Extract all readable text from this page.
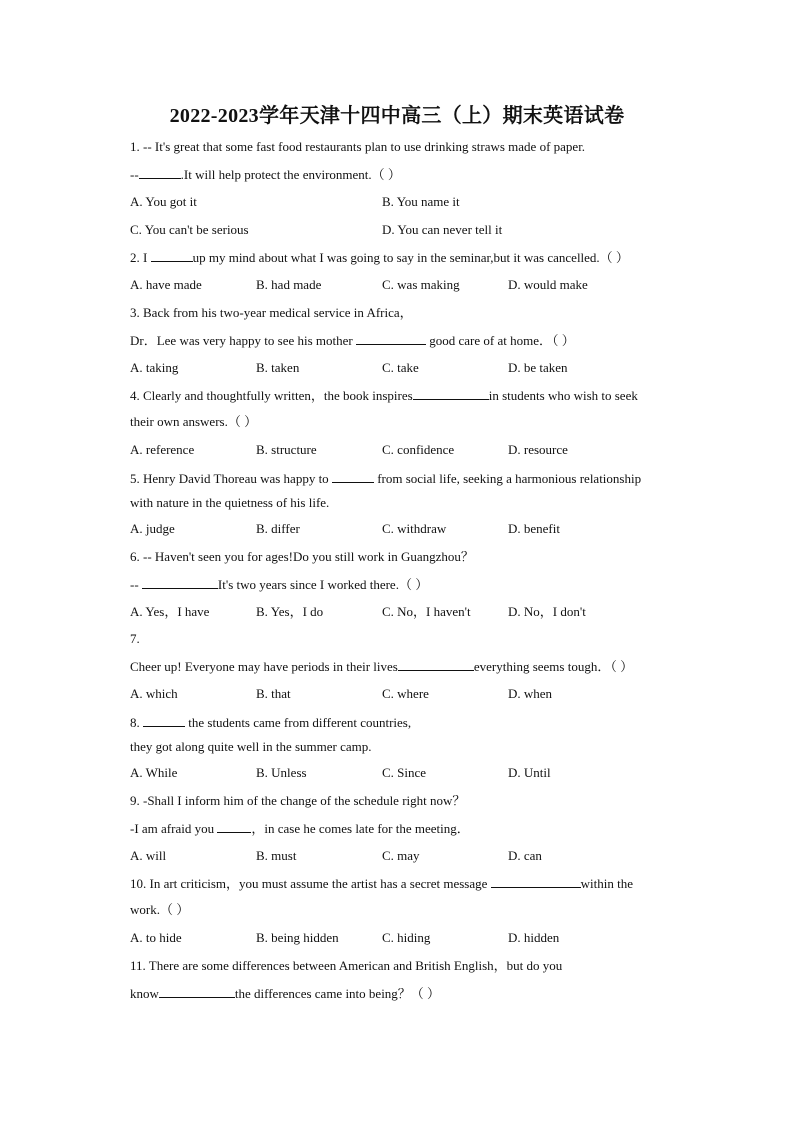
2022-2023学年天津十四中高三（上）期末英语试卷
1. -- It's great that some fast food restaurants plan to use drinking straws made of paper.
--	.It will help protect the environment.（ ）
A. You got it	B. You name it
C. You can't be serious	D. You can never tell it
2. I	up my mind about what I was going to say in the seminar,but it was cancelled.（ ）
A. have made	B. had made	C. was making	D. would make
3. Back from his two-year medical service in Africa，
Dr．Lee was very happy to see his mother	good care of at home．（ ）
A. taking	B. taken	C. take	D. be taken
4. Clearly and thoughtfully written，the book inspires	in students who wish to seek
their own answers.（ ）
A. reference	B. structure	C. confidence	D. resource
5. Henry David Thoreau was happy to	from social life, seeking a harmonious relationship
with nature in the quietness of his life.
A. judge	B. differ	C. withdraw	D. benefit
6. -- Haven't seen you for ages!Do you still work in Guangzhou？
--	It's two years since I worked there.（ ）
A. Yes，I have	B. Yes，I do	C. No，I haven't	D. No，I don't
7.
Cheer up! Everyone may have periods in their lives	everything seems tough．（ ）
A. which	B. that	C. where	D. when
8.	the students came from different countries,
they got along quite well in the summer camp.
A. While	B. Unless	C. Since	D. Until
9. -Shall I inform him of the change of the schedule right now？
-I am afraid you	，in case he comes late for the meeting．
A. will	B. must	C. may	D. can
10. In art criticism，you must assume the artist has a secret message	within the
work.（ ）
A. to hide	B. being hidden	C. hiding	D. hidden
11. There are some differences between American and British English，but do you
know	the differences came into being？（ ）
